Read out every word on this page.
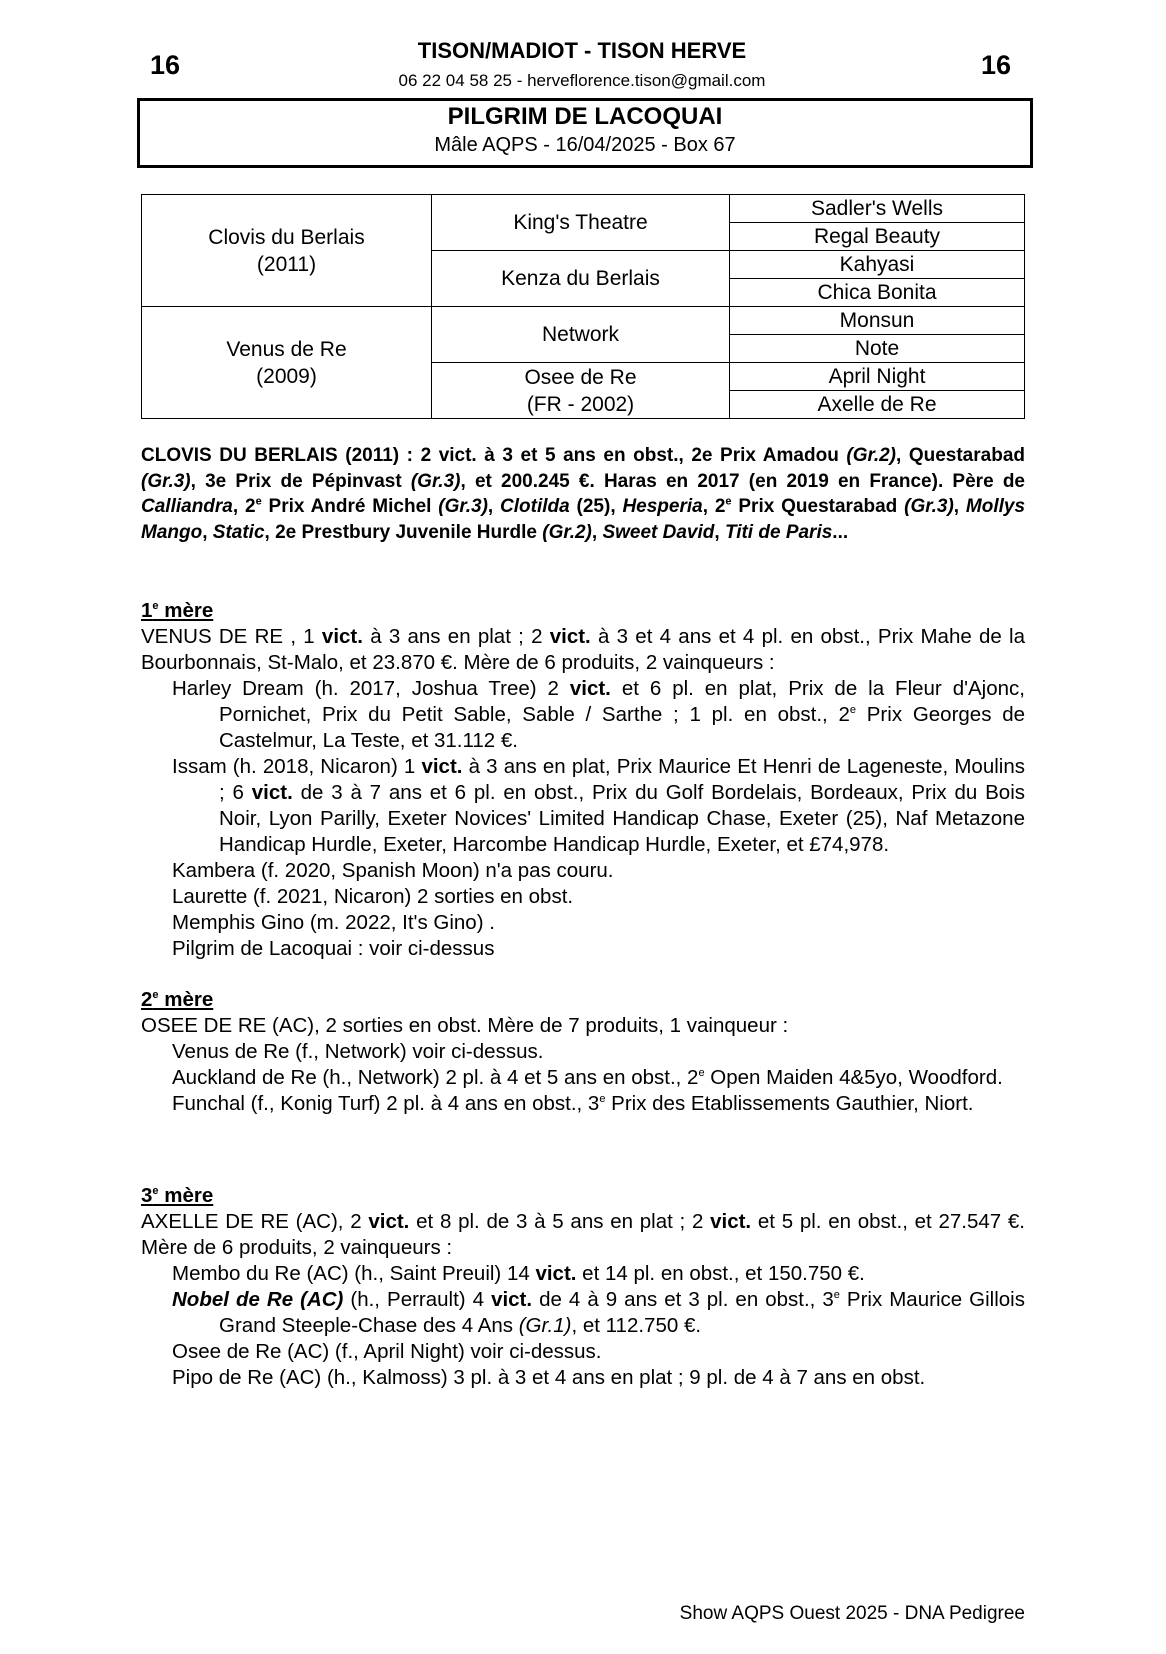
16	TISON/MADIOT - TISON HERVE
06 22 04 58 25 - herveflorence.tison@gmail.com
16
PILGRIM DE LACOQUAI
Mâle AQPS - 16/04/2025 - Box 67
Clovis du Berlais
(2011)	King's Theatre	Sadler's Wells
		Regal Beauty
	Kenza du Berlais	Kahyasi
		Chica Bonita
Venus de Re
(2009)	Network	Monsun
		Note
	Osee de Re
(FR - 2002)	April Night
		Axelle de Re
CLOVIS DU BERLAIS (2011) : 2 vict. à 3 et 5 ans en obst., 2e Prix Amadou (Gr.2), Questarabad (Gr.3), 3e Prix de Pépinvast (Gr.3), et 200.245 €. Haras en 2017 (en 2019 en France). Père de Calliandra, 2e Prix André Michel (Gr.3), Clotilda (25), Hesperia, 2e Prix Questarabad (Gr.3), Mollys Mango, Static, 2e Prestbury Juvenile Hurdle (Gr.2), Sweet David, Titi de Paris...
1e mère
VENUS DE RE , 1 vict. à 3 ans en plat ; 2 vict. à 3 et 4 ans et 4 pl. en obst., Prix Mahe de la Bourbonnais, St-Malo, et 23.870 €. Mère de 6 produits, 2 vainqueurs :
Harley Dream (h. 2017, Joshua Tree) 2 vict. et 6 pl. en plat, Prix de la Fleur d'Ajonc, Pornichet, Prix du Petit Sable, Sable / Sarthe ; 1 pl. en obst., 2e Prix Georges de Castelmur, La Teste, et 31.112 €.
Issam (h. 2018, Nicaron) 1 vict. à 3 ans en plat, Prix Maurice Et Henri de Lageneste, Moulins ; 6 vict. de 3 à 7 ans et 6 pl. en obst., Prix du Golf Bordelais, Bordeaux, Prix du Bois Noir, Lyon Parilly, Exeter Novices' Limited Handicap Chase, Exeter (25), Naf Metazone Handicap Hurdle, Exeter, Harcombe Handicap Hurdle, Exeter, et £74,978.
Kambera (f. 2020, Spanish Moon) n'a pas couru.
Laurette (f. 2021, Nicaron) 2 sorties en obst.
Memphis Gino (m. 2022, It's Gino) .
Pilgrim de Lacoquai : voir ci-dessus
2e mère
OSEE DE RE (AC), 2 sorties en obst. Mère de 7 produits, 1 vainqueur :
Venus de Re (f., Network) voir ci-dessus.
Auckland de Re (h., Network) 2 pl. à 4 et 5 ans en obst., 2e Open Maiden 4&5yo, Woodford.
Funchal (f., Konig Turf) 2 pl. à 4 ans en obst., 3e Prix des Etablissements Gauthier, Niort.
3e mère
AXELLE DE RE (AC), 2 vict. et 8 pl. de 3 à 5 ans en plat ; 2 vict. et 5 pl. en obst., et 27.547 €. Mère de 6 produits, 2 vainqueurs :
Membo du Re (AC) (h., Saint Preuil) 14 vict. et 14 pl. en obst., et 150.750 €.
Nobel de Re (AC) (h., Perrault) 4 vict. de 4 à 9 ans et 3 pl. en obst., 3e Prix Maurice Gillois Grand Steeple-Chase des 4 Ans (Gr.1), et 112.750 €.
Osee de Re (AC) (f., April Night) voir ci-dessus.
Pipo de Re (AC) (h., Kalmoss) 3 pl. à 3 et 4 ans en plat ; 9 pl. de 4 à 7 ans en obst.
Show AQPS Ouest 2025 - DNA Pedigree
